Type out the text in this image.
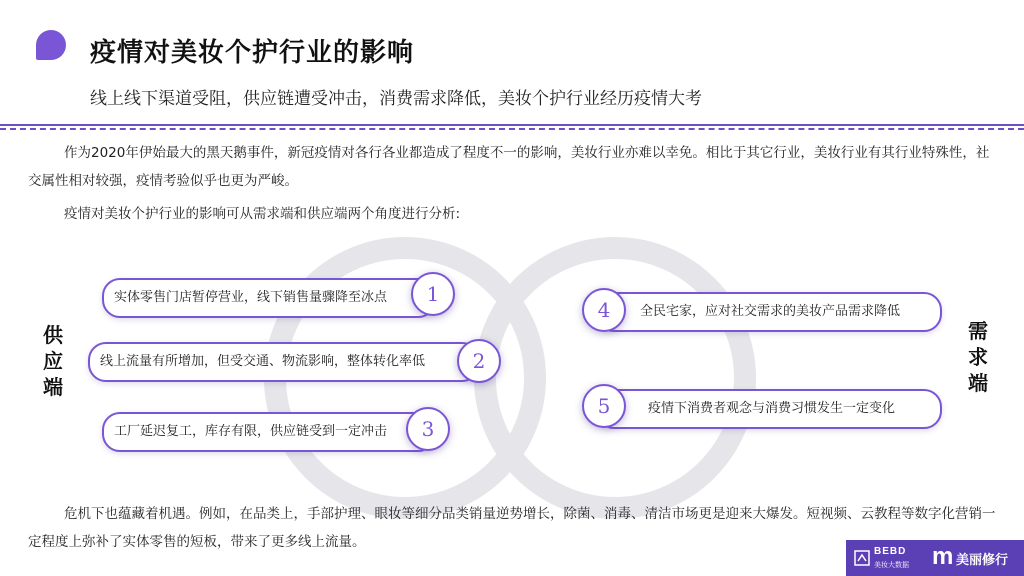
疫情对美妆个护行业的影响
线上线下渠道受阻，供应链遭受冲击，消费需求降低，美妆个护行业经历疫情大考
作为2020年伊始最大的黑天鹅事件，新冠疫情对各行各业都造成了程度不一的影响，美妆行业亦难以幸免。相比于其它行业，美妆行业有其行业特殊性，社交属性相对较强，疫情考验似乎也更为严峻。
疫情对美妆个护行业的影响可从需求端和供应端两个角度进行分析:
供
应
端
需
求
端
实体零售门店暂停营业，线下销售量骤降至冰点	1
线上流量有所增加，但受交通、物流影响，整体转化率低	2
工厂延迟复工，库存有限，供应链受到一定冲击	3
全民宅家，应对社交需求的美妆产品需求降低
4
疫情下消费者观念与消费习惯发生一定变化
5
危机下也蕴藏着机遇。例如，在品类上，手部护理、眼妆等细分品类销量逆势增长，除菌、消毒、清洁市场更是迎来大爆发。短视频、云教程等数字化营销一定程度上弥补了实体零售的短板，带来了更多线上流量。
BEBD
美妆大数据 m 美丽修行
